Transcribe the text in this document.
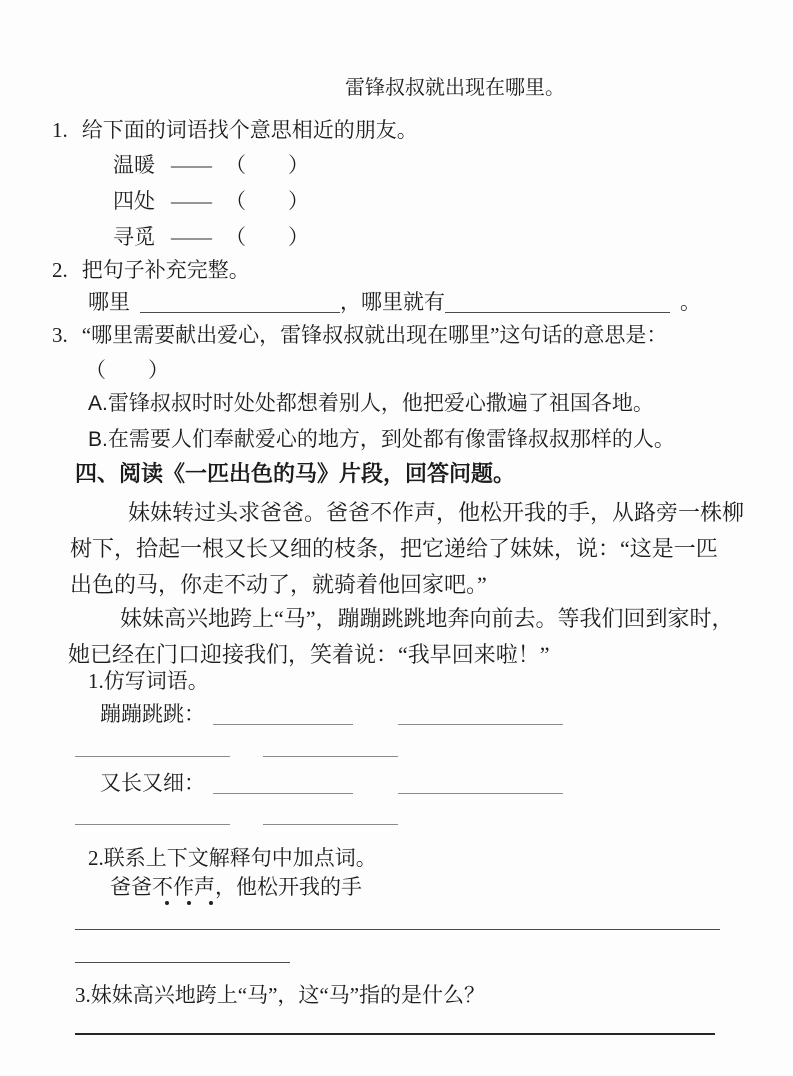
雷锋叔叔就出现在哪里。
1. 给下面的词语找个意思相近的朋友。
温暖 —— （　　）
四处 —— （　　）
寻觅 —— （　　）
2. 把句子补充完整。
哪里	，哪里就有	。
3. “哪里需要献出爱心，雷锋叔叔就出现在哪里”这句话的意思是：
（　　）
A.雷锋叔叔时时处处都想着别人，他把爱心撒遍了祖国各地。
B.在需要人们奉献爱心的地方，到处都有像雷锋叔叔那样的人。
四、阅读《一匹出色的马》片段，回答问题。
妹妹转过头求爸爸。爸爸不作声，他松开我的手，从路旁一株柳
树下，拾起一根又长又细的枝条，把它递给了妹妹，说：“这是一匹
出色的马，你走不动了，就骑着他回家吧。”
妹妹高兴地跨上“马”，蹦蹦跳跳地奔向前去。等我们回到家时，
她已经在门口迎接我们，笑着说：“我早回来啦！”
1.仿写词语。
蹦蹦跳跳：
又长又细：
2.联系上下文解释句中加点词。
爸爸不作声，他松开我的手
3.妹妹高兴地跨上“马”，这“马”指的是什么？
